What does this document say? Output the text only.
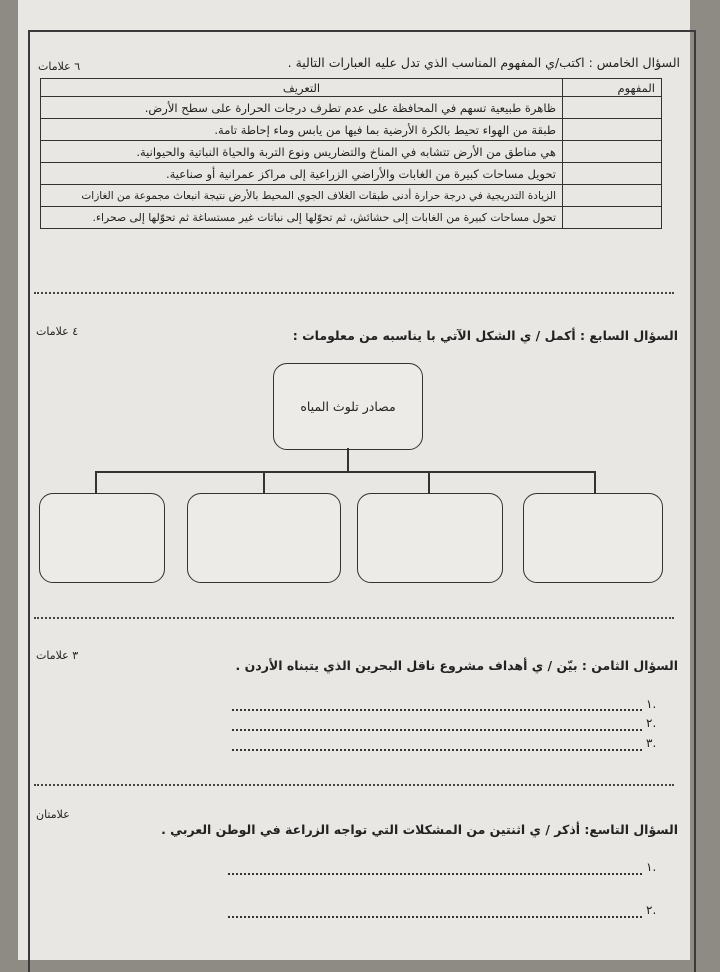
السؤال الخامس : اكتب/ي المفهوم المناسب الذي تدل عليه العبارات التالية .
٦ علامات
المفهوم	التعريف
	ظاهرة طبيعية تسهم في المحافظة على عدم تطرف درجات الحرارة على سطح الأرض.
	طبقة من الهواء تحيط بالكرة الأرضية بما فيها من يابس وماء إحاطة تامة.
	هي مناطق من الأرض تتشابه في المناخ والتضاريس ونوع التربة والحياة النباتية والحيوانية.
	تحويل مساحات كبيرة من الغابات والأراضي الزراعية إلى مراكز عمرانية أو صناعية.
	الزيادة التدريجية في درجة حرارة أدنى طبقات الغلاف الجوي المحيط بالأرض نتيجة انبعاث مجموعة من الغازات
	تحول مساحات كبيرة من الغابات إلى حشائش، ثم تحوّلها إلى نباتات غير مستساغة ثم تحوّلها إلى صحراء.
السؤال السابع : أكمل / ي الشكل الآتي با يناسبه من معلومات :
٤ علامات
مصادر تلوث المياه
السؤال الثامن : بيّن / ي أهداف مشروع ناقل البحرين الذي يتبناه الأردن .
٣ علامات
١.
٢.
٣.
السؤال التاسع: أذكر / ي اثنتين من المشكلات التي تواجه الزراعة في الوطن العربي .
علامتان
١.
٢.
